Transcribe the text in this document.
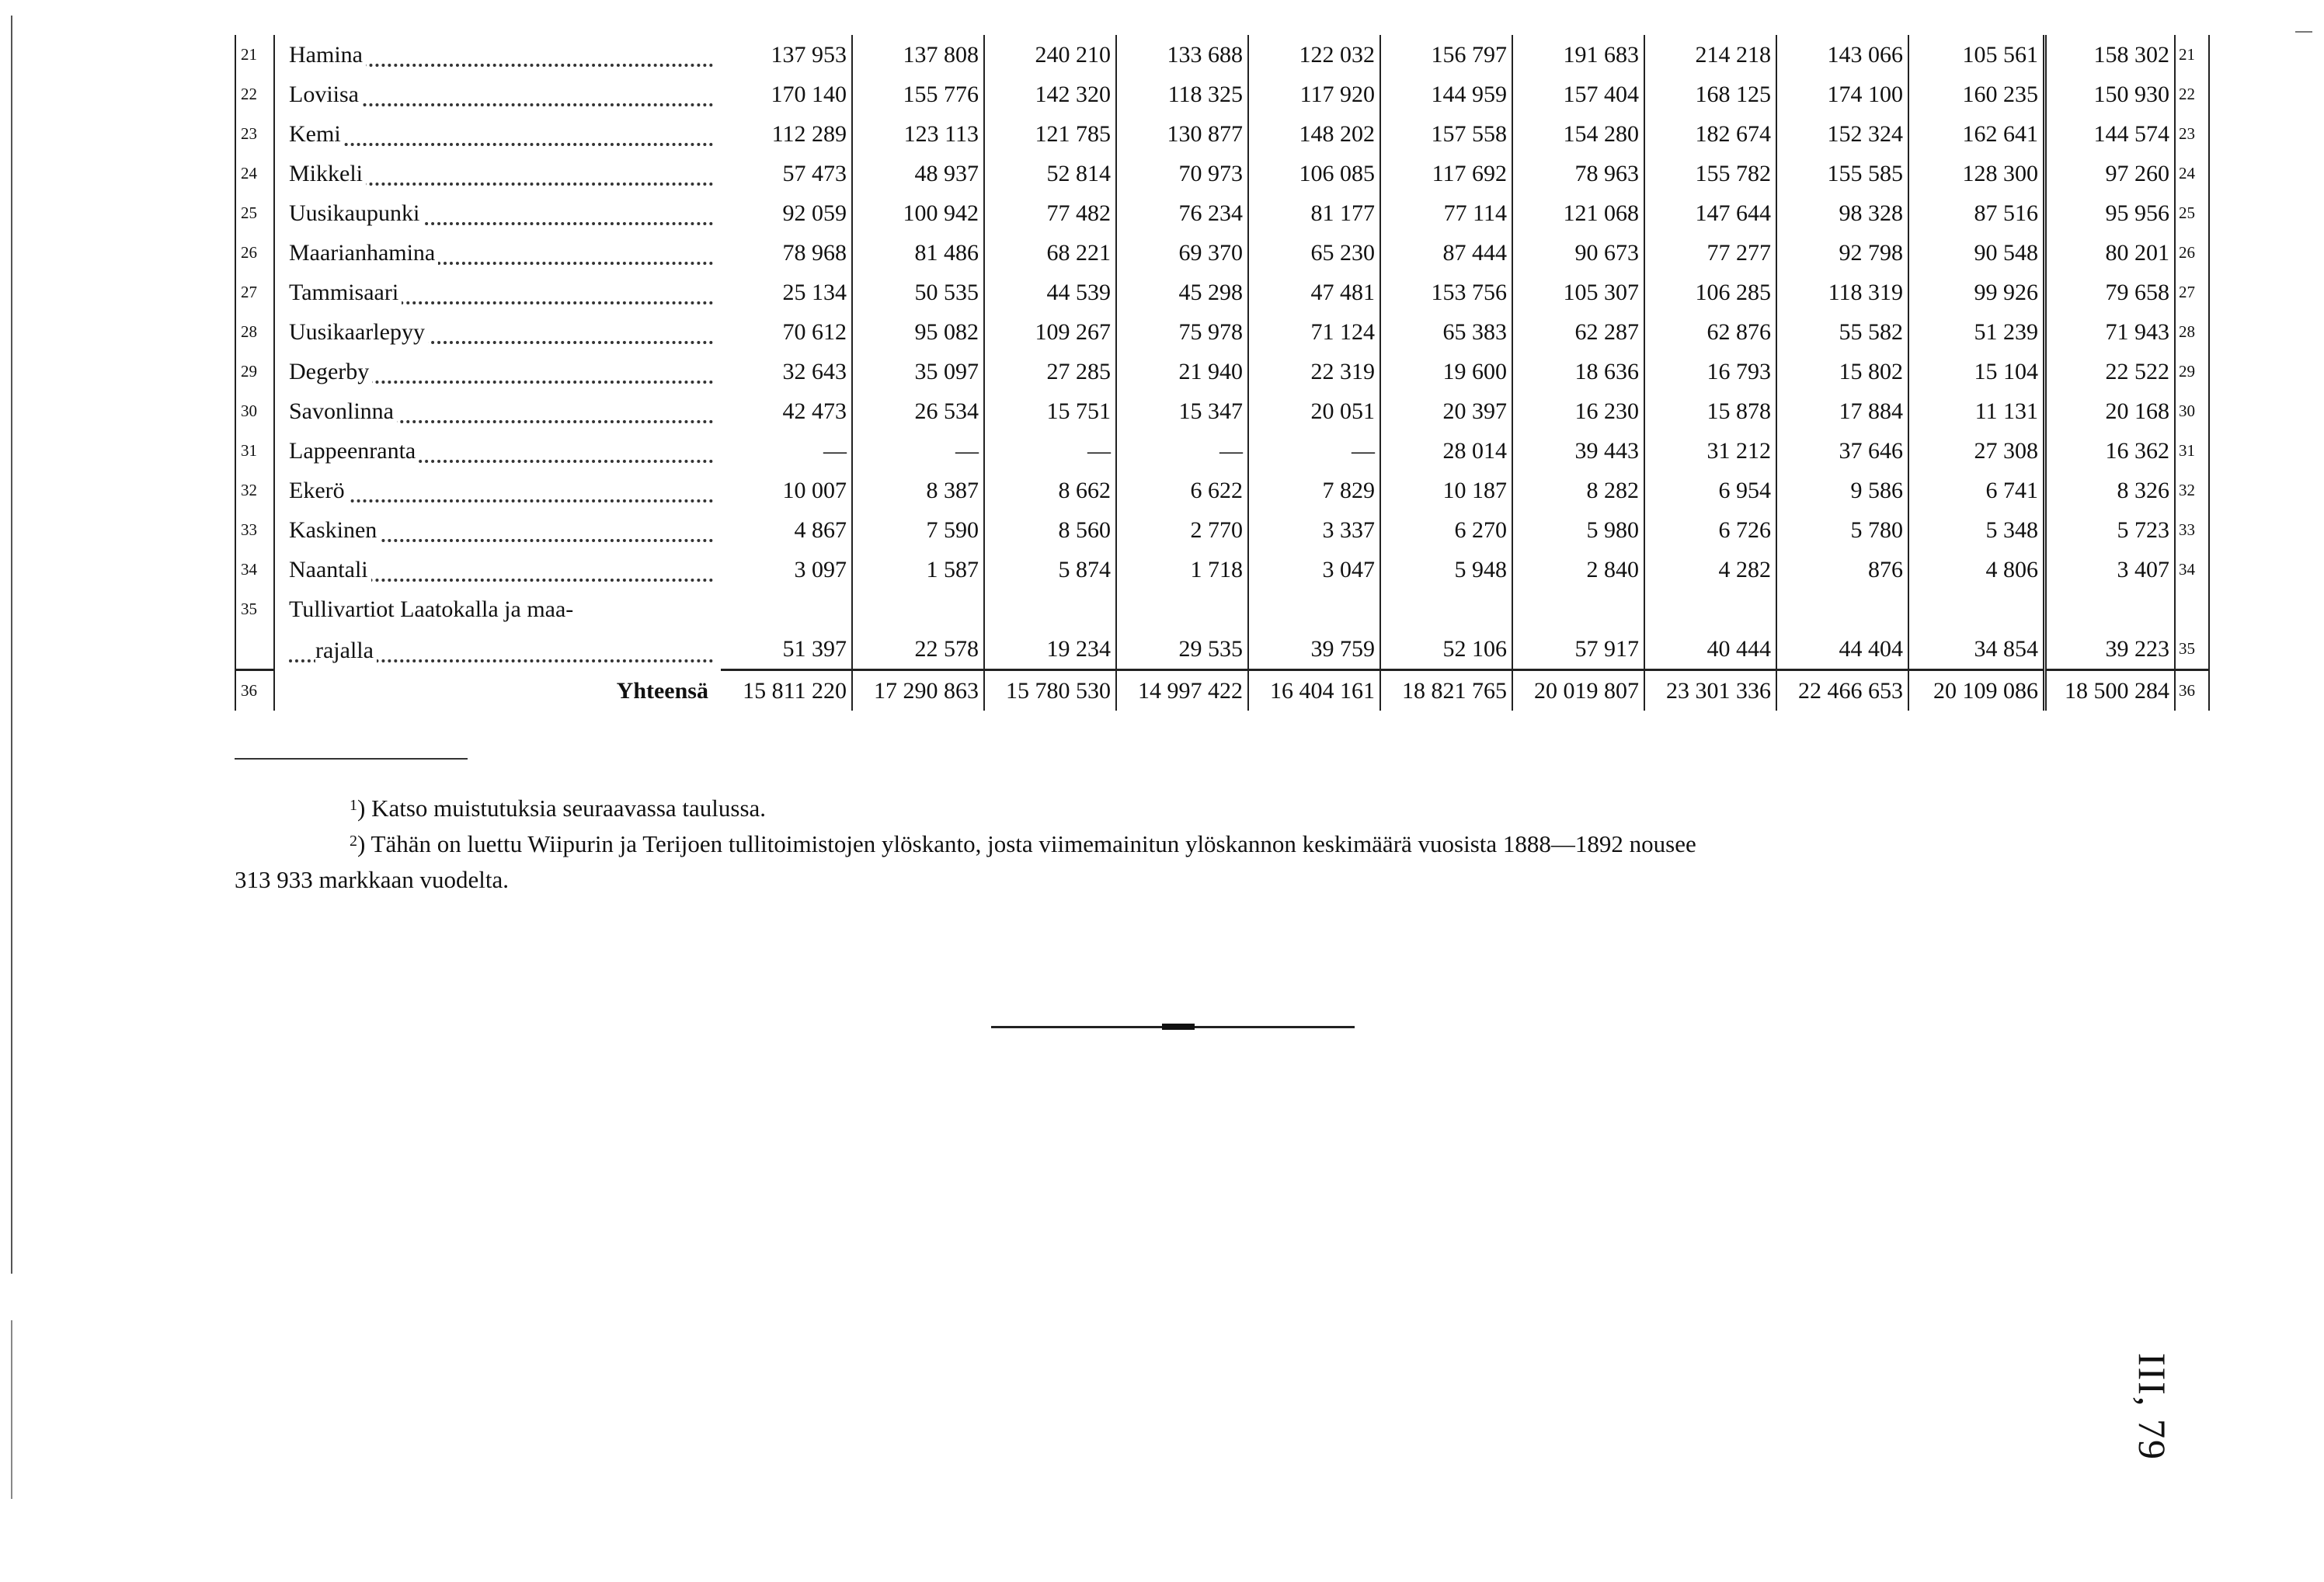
21	Hamina	137 953	137 808	240 210	133 688	122 032	156 797	191 683	214 218	143 066	105 561	158 302	21
22	Loviisa	170 140	155 776	142 320	118 325	117 920	144 959	157 404	168 125	174 100	160 235	150 930	22
23	Kemi	112 289	123 113	121 785	130 877	148 202	157 558	154 280	182 674	152 324	162 641	144 574	23
24	Mikkeli	57 473	48 937	52 814	70 973	106 085	117 692	78 963	155 782	155 585	128 300	97 260	24
25	Uusikaupunki	92 059	100 942	77 482	76 234	81 177	77 114	121 068	147 644	98 328	87 516	95 956	25
26	Maarianhamina	78 968	81 486	68 221	69 370	65 230	87 444	90 673	77 277	92 798	90 548	80 201	26
27	Tammisaari	25 134	50 535	44 539	45 298	47 481	153 756	105 307	106 285	118 319	99 926	79 658	27
28	Uusikaarlepyy	70 612	95 082	109 267	75 978	71 124	65 383	62 287	62 876	55 582	51 239	71 943	28
29	Degerby	32 643	35 097	27 285	21 940	22 319	19 600	18 636	16 793	15 802	15 104	22 522	29
30	Savonlinna	42 473	26 534	15 751	15 347	20 051	20 397	16 230	15 878	17 884	11 131	20 168	30
31	Lappeenranta	—	—	—	—	—	28 014	39 443	31 212	37 646	27 308	16 362	31
32	Ekerö	10 007	8 387	8 662	6 622	7 829	10 187	8 282	6 954	9 586	6 741	8 326	32
33	Kaskinen	4 867	7 590	8 560	2 770	3 337	6 270	5 980	6 726	5 780	5 348	5 723	33
34	Naantali	3 097	1 587	5 874	1 718	3 047	5 948	2 840	4 282	876	4 806	3 407	34
35	Tullivartiot Laatokalla ja maa-												

rajalla	51 397	22 578	19 234	29 535	39 759	52 106	57 917	40 444	44 404	34 854	39 223	35
36	Yhteensä	15 811 220	17 290 863	15 780 530	14 997 422	16 404 161	18 821 765	20 019 807	23 301 336	22 466 653	20 109 086	18 500 284	36
$^1$) Katso muistutuksia seuraavassa taulussa.
$^2$) Tähän on luettu Wiipurin ja Terijoen tullitoimistojen ylöskanto, josta viimemainitun ylöskannon keskimäärä vuosista 1888—1892 nousee
313 933 markkaan vuodelta.
III, 79
